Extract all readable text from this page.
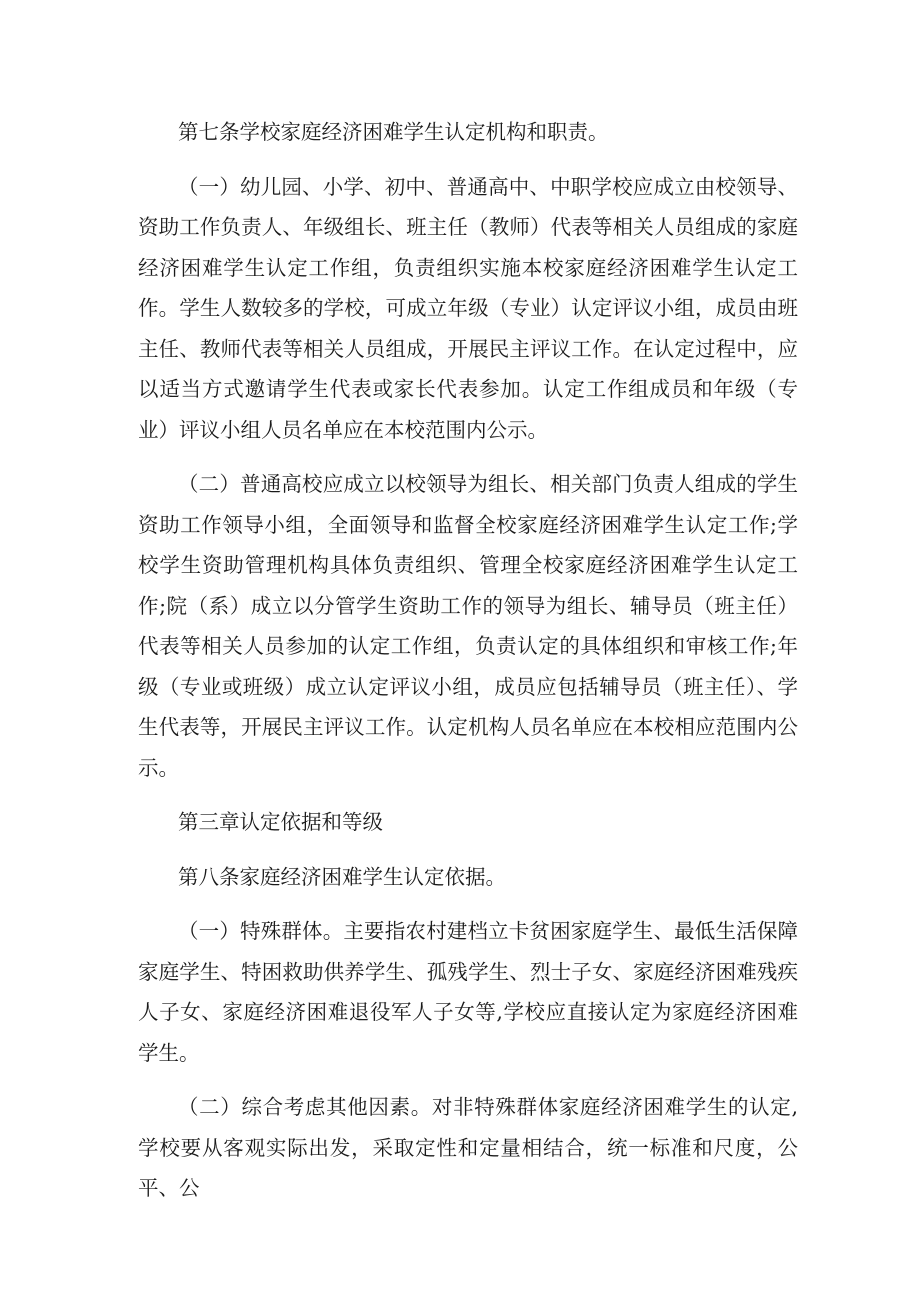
第七条学校家庭经济困难学生认定机构和职责。

（一）幼儿园、小学、初中、普通高中、中职学校应成立由校领导、资助工作负责人、年级组长、班主任（教师）代表等相关人员组成的家庭经济困难学生认定工作组，负责组织实施本校家庭经济困难学生认定工作。学生人数较多的学校，可成立年级（专业）认定评议小组，成员由班主任、教师代表等相关人员组成，开展民主评议工作。在认定过程中，应以适当方式邀请学生代表或家长代表参加。认定工作组成员和年级（专业）评议小组人员名单应在本校范围内公示。

（二）普通高校应成立以校领导为组长、相关部门负责人组成的学生资助工作领导小组，全面领导和监督全校家庭经济困难学生认定工作;学校学生资助管理机构具体负责组织、管理全校家庭经济困难学生认定工作;院（系）成立以分管学生资助工作的领导为组长、辅导员（班主任）代表等相关人员参加的认定工作组，负责认定的具体组织和审核工作;年级（专业或班级）成立认定评议小组，成员应包括辅导员（班主任）、学生代表等，开展民主评议工作。认定机构人员名单应在本校相应范围内公示。

第三章认定依据和等级

第八条家庭经济困难学生认定依据。

（一）特殊群体。主要指农村建档立卡贫困家庭学生、最低生活保障家庭学生、特困救助供养学生、孤残学生、烈士子女、家庭经济困难残疾人子女、家庭经济困难退役军人子女等,学校应直接认定为家庭经济困难学生。

（二）综合考虑其他因素。对非特殊群体家庭经济困难学生的认定,学校要从客观实际出发，采取定性和定量相结合，统一标准和尺度，公平、公
